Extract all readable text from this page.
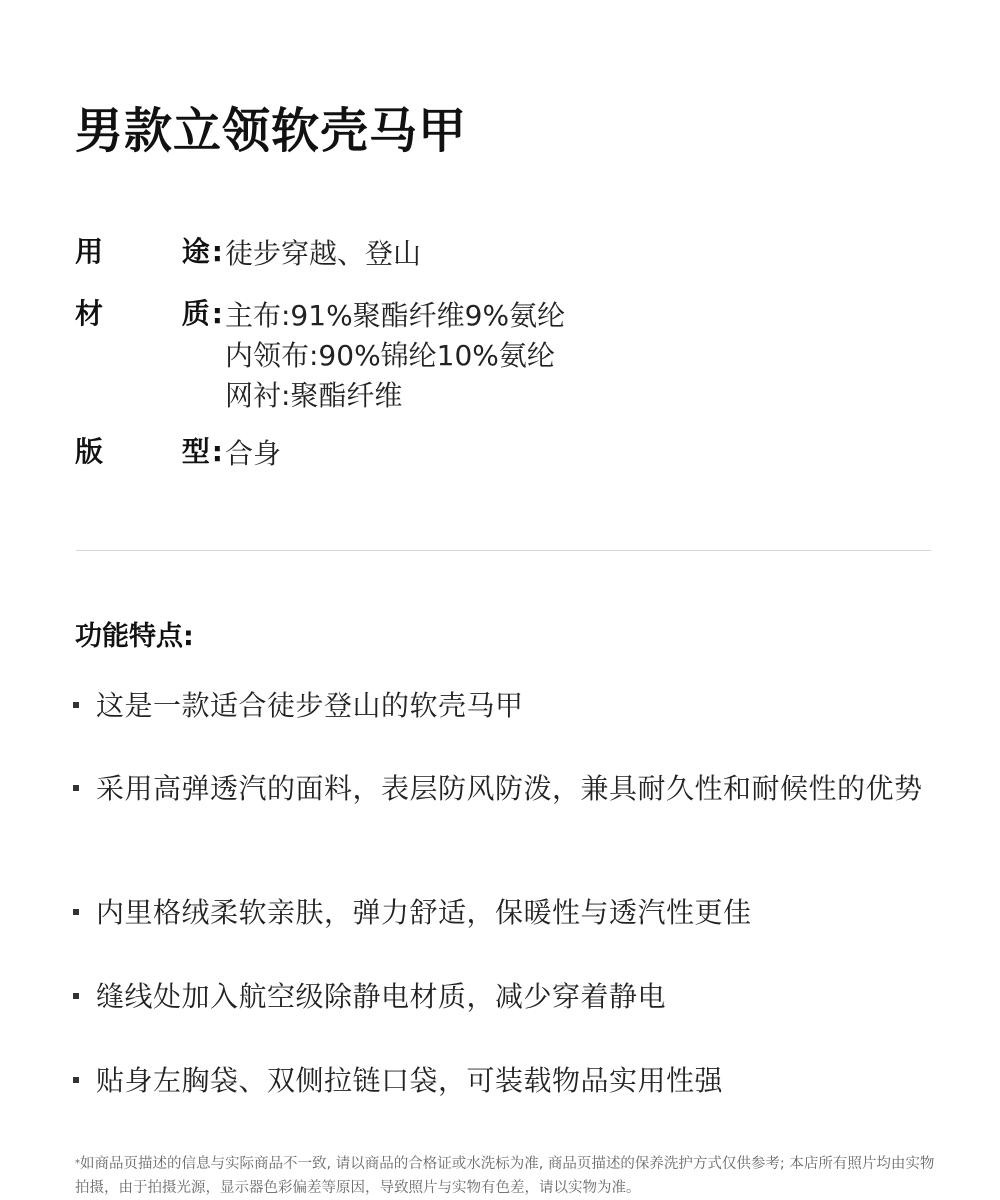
男款立领软壳马甲
用	途: 徒步穿越、登山
材	质: 主布:91%聚酯纤维9%氨纶
内领布:90%锦纶10%氨纶
网衬:聚酯纤维
版	型: 合身
功能特点:
这是一款适合徒步登山的软壳马甲
采用高弹透汽的面料，表层防风防泼，兼具耐久性和耐候性的优势
内里格绒柔软亲肤，弹力舒适，保暖性与透汽性更佳
缝线处加入航空级除静电材质，减少穿着静电
贴身左胸袋、双侧拉链口袋，可装载物品实用性强
*如商品页描述的信息与实际商品不一致, 请以商品的合格证或水洗标为准, 商品页描述的保养洗护方式仅供参考; 本店所有照片均由实物拍摄，由于拍摄光源，显示器色彩偏差等原因，导致照片与实物有色差，请以实物为准。
